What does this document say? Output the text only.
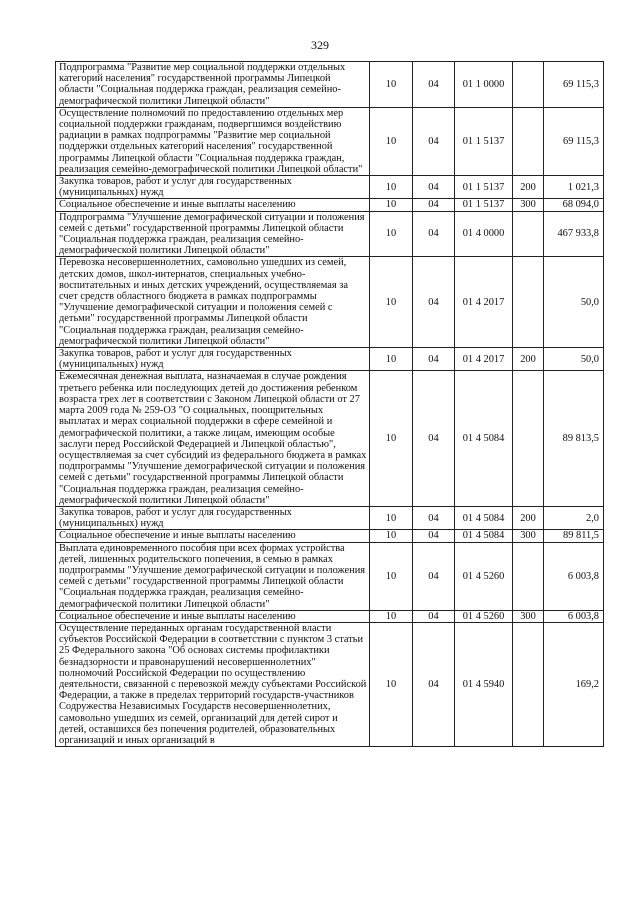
329
Подпрограмма "Развитие мер социальной поддержки отдельных категорий населения" государственной программы Липецкой области "Социальная поддержка граждан, реализация семейно-демографической политики Липецкой области"	10	04	01 1 0000		69 115,3
Осуществление полномочий по предоставлению отдельных мер социальной поддержки гражданам, подвергшимся воздействию радиации в рамках подпрограммы "Развитие мер социальной поддержки отдельных категорий населения" государственной программы Липецкой области "Социальная поддержка граждан, реализация семейно-демографической политики Липецкой области"	10	04	01 1 5137		69 115,3
Закупка товаров, работ и услуг для государственных (муниципальных) нужд	10	04	01 1 5137	200	1 021,3
Социальное обеспечение и иные выплаты населению	10	04	01 1 5137	300	68 094,0
Подпрограмма "Улучшение демографической ситуации и положения семей с детьми" государственной программы Липецкой области "Социальная поддержка граждан, реализация семейно-демографической политики Липецкой области"	10	04	01 4 0000		467 933,8
Перевозка несовершеннолетних, самовольно ушедших из семей, детских домов, школ-интернатов, специальных учебно-воспитательных и иных детских учреждений, осуществляемая за счет средств областного бюджета в рамках подпрограммы "Улучшение демографической ситуации и положения семей с детьми" государственной программы Липецкой области "Социальная поддержка граждан, реализация семейно-демографической политики Липецкой области"	10	04	01 4 2017		50,0
Закупка товаров, работ и услуг для государственных (муниципальных) нужд	10	04	01 4 2017	200	50,0
Ежемесячная денежная выплата, назначаемая в случае рождения третьего ребенка или последующих детей до достижения ребенком возраста трех лет в соответствии с Законом Липецкой области от 27 марта 2009 года № 259-ОЗ "О социальных, поощрительных выплатах и мерах социальной поддержки в сфере семейной и демографической политики, а также лицам, имеющим особые заслуги перед Российской Федерацией и Липецкой областью", осуществляемая за счет субсидий из федерального бюджета в рамках подпрограммы "Улучшение демографической ситуации и положения семей с детьми" государственной программы Липецкой области "Социальная поддержка граждан, реализация семейно-демографической политики Липецкой области"	10	04	01 4 5084		89 813,5
Закупка товаров, работ и услуг для государственных (муниципальных) нужд	10	04	01 4 5084	200	2,0
Социальное обеспечение и иные выплаты населению	10	04	01 4 5084	300	89 811,5
Выплата единовременного пособия при всех формах устройства детей, лишенных родительского попечения, в семью в рамках подпрограммы "Улучшение демографической ситуации и положения семей с детьми" государственной программы Липецкой области "Социальная поддержка граждан, реализация семейно-демографической политики Липецкой области"	10	04	01 4 5260		6 003,8
Социальное обеспечение и иные выплаты населению	10	04	01 4 5260	300	6 003,8
Осуществление переданных органам государственной власти субъектов Российской Федерации в соответствии с пунктом 3 статьи 25 Федерального закона "Об основах системы профилактики безнадзорности и правонарушений несовершеннолетних" полномочий Российской Федерации по осуществлению деятельности, связанной с перевозкой между субъектами Российской Федерации, а также в пределах территорий государств-участников Содружества Независимых Государств несовершеннолетних, самовольно ушедших из семей, организаций для детей сирот и детей, оставшихся без попечения родителей, образовательных организаций и иных организаций в	10	04	01 4 5940		169,2
